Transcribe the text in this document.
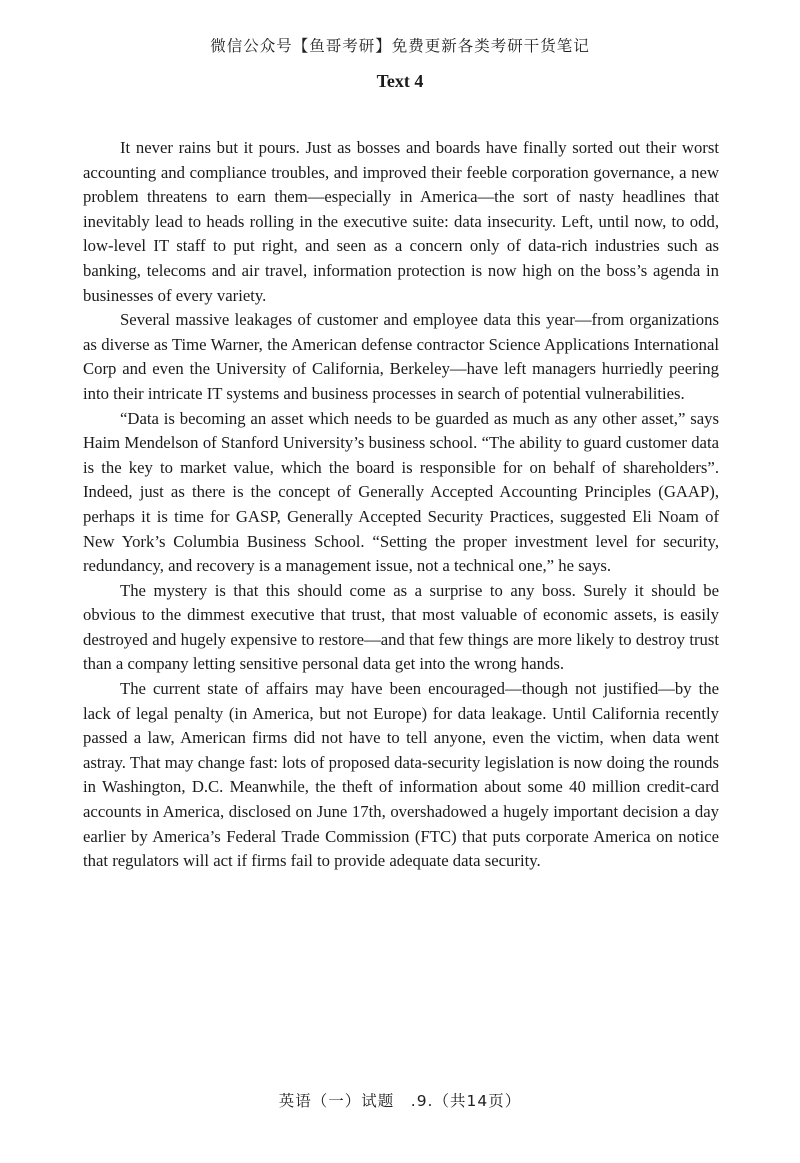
微信公众号【鱼哥考研】免费更新各类考研干货笔记
Text 4

It never rains but it pours. Just as bosses and boards have finally sorted out their worst accounting and compliance troubles, and improved their feeble corporation governance, a new problem threatens to earn them—especially in America—the sort of nasty headlines that inevitably lead to heads rolling in the executive suite: data insecurity. Left, until now, to odd, low-level IT staff to put right, and seen as a concern only of data-rich industries such as banking, telecoms and air travel, information protection is now high on the boss’s agenda in businesses of every variety.

Several massive leakages of customer and employee data this year—from organizations as diverse as Time Warner, the American defense contractor Science Applications International Corp and even the University of California, Berkeley—have left managers hurriedly peering into their intricate IT systems and business processes in search of potential vulnerabilities.

“Data is becoming an asset which needs to be guarded as much as any other asset,” says Haim Mendelson of Stanford University’s business school. “The ability to guard customer data is the key to market value, which the board is responsible for on behalf of shareholders”. Indeed, just as there is the concept of Generally Accepted Accounting Principles (GAAP), perhaps it is time for GASP, Generally Accepted Security Practices, suggested Eli Noam of New York’s Columbia Business School. “Setting the proper investment level for security, redundancy, and recovery is a management issue, not a technical one,” he says.

The mystery is that this should come as a surprise to any boss. Surely it should be obvious to the dimmest executive that trust, that most valuable of economic assets, is easily destroyed and hugely expensive to restore—and that few things are more likely to destroy trust than a company letting sensitive personal data get into the wrong hands.

The current state of affairs may have been encouraged—though not justified—by the lack of legal penalty (in America, but not Europe) for data leakage. Until California recently passed a law, American firms did not have to tell anyone, even the victim, when data went astray. That may change fast: lots of proposed data-security legislation is now doing the rounds in Washington, D.C. Meanwhile, the theft of information about some 40 million credit-card accounts in America, disclosed on June 17th, overshadowed a hugely important decision a day earlier by America’s Federal Trade Commission (FTC) that puts corporate America on notice that regulators will act if firms fail to provide adequate data security.

英语（一）试题　.9.（共14页）
